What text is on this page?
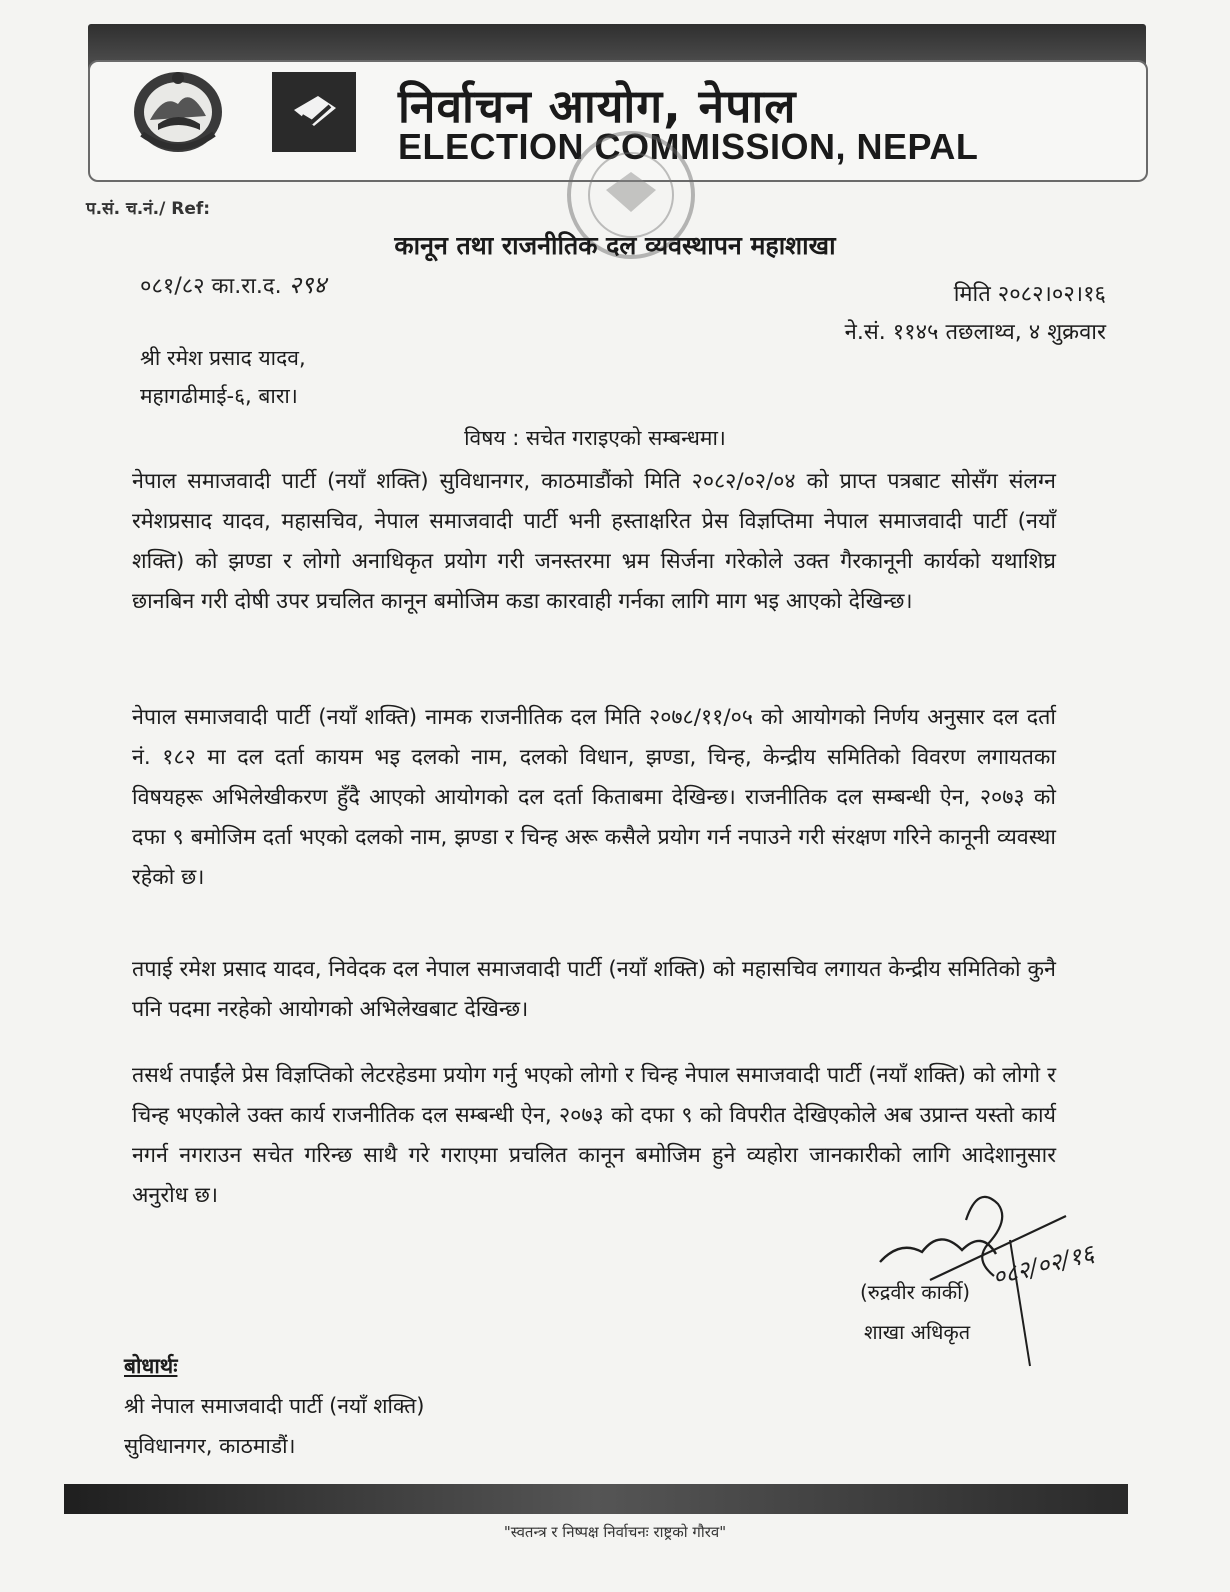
निर्वाचन आयोग, नेपाल
ELECTION COMMISSION, NEPAL
प.सं. च.नं./ Ref:
कानून तथा राजनीतिक दल व्यवस्थापन महाशाखा
०८१/८२ का.रा.द. २९४	मिति २०८२।०२।१६
ने.सं. ११४५ तछलाथ्व, ४ शुक्रवार
श्री रमेश प्रसाद यादव,
महागढीमाई-६, बारा।
विषय : सचेत गराइएको सम्बन्धमा।

नेपाल समाजवादी पार्टी (नयाँ शक्ति) सुविधानगर, काठमाडौंको मिति २०८२/०२/०४ को प्राप्त पत्रबाट सोसँग संलग्न रमेशप्रसाद यादव, महासचिव, नेपाल समाजवादी पार्टी भनी हस्ताक्षरित प्रेस विज्ञप्तिमा नेपाल समाजवादी पार्टी (नयाँ शक्ति) को झण्डा र लोगो अनाधिकृत प्रयोग गरी जनस्तरमा भ्रम सिर्जना गरेकोले उक्त गैरकानूनी कार्यको यथाशिघ्र छानबिन गरी दोषी उपर प्रचलित कानून बमोजिम कडा कारवाही गर्नका लागि माग भइ आएको देखिन्छ।

नेपाल समाजवादी पार्टी (नयाँ शक्ति) नामक राजनीतिक दल मिति २०७८/११/०५ को आयोगको निर्णय अनुसार दल दर्ता नं. १८२ मा दल दर्ता कायम भइ दलको नाम, दलको विधान, झण्डा, चिन्ह, केन्द्रीय समितिको विवरण लगायतका विषयहरू अभिलेखीकरण हुँदै आएको आयोगको दल दर्ता किताबमा देखिन्छ। राजनीतिक दल सम्बन्धी ऐन, २०७३ को दफा ९ बमोजिम दर्ता भएको दलको नाम, झण्डा र चिन्ह अरू कसैले प्रयोग गर्न नपाउने गरी संरक्षण गरिने कानूनी व्यवस्था रहेको छ।

तपाई रमेश प्रसाद यादव, निवेदक दल नेपाल समाजवादी पार्टी (नयाँ शक्ति) को महासचिव लगायत केन्द्रीय समितिको कुनै पनि पदमा नरहेको आयोगको अभिलेखबाट देखिन्छ।

तसर्थ तपाईंले प्रेस विज्ञप्तिको लेटरहेडमा प्रयोग गर्नु भएको लोगो र चिन्ह नेपाल समाजवादी पार्टी (नयाँ शक्ति) को लोगो र चिन्ह भएकोले उक्त कार्य राजनीतिक दल सम्बन्धी ऐन, २०७३ को दफा ९ को विपरीत देखिएकोले अब उप्रान्त यस्तो कार्य नगर्न नगराउन सचेत गरिन्छ साथै गरे गराएमा प्रचलित कानून बमोजिम हुने व्यहोरा जानकारीको लागि आदेशानुसार अनुरोध छ।

०८२/०२/१६
(रुद्रवीर कार्की)
शाखा अधिकृत
बोधार्थः
श्री नेपाल समाजवादी पार्टी (नयाँ शक्ति)
सुविधानगर, काठमाडौं।
"स्वतन्त्र र निष्पक्ष निर्वाचनः राष्ट्रको गौरव"
